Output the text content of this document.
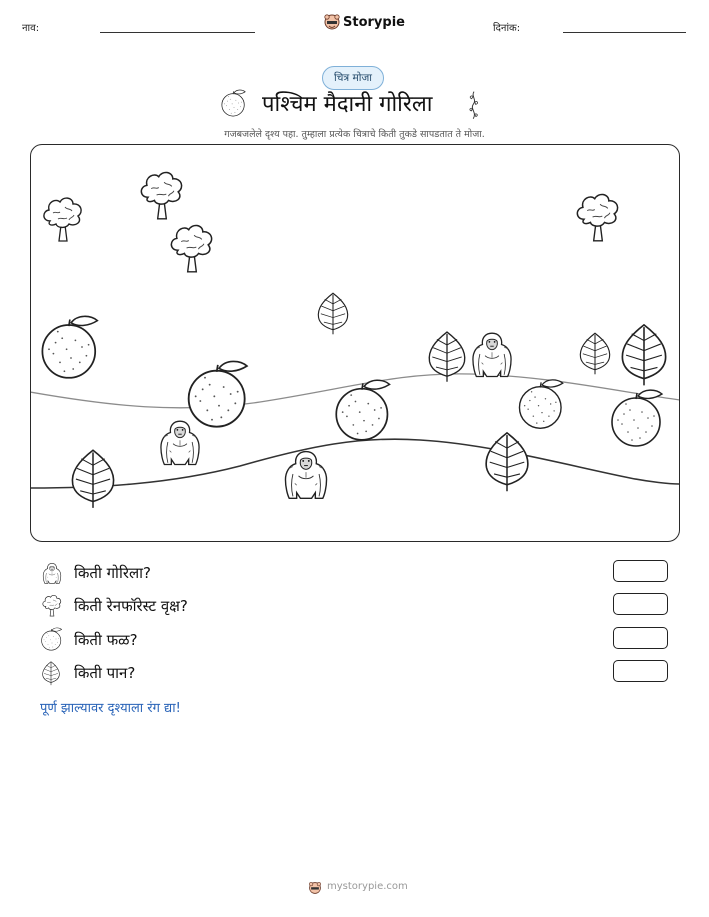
नाव:	Storypie	दिनांक:
चित्र मोजा
पश्चिम मैदानी गोरिला
गजबजलेले दृश्य पहा. तुम्हाला प्रत्येक चित्राचे किती तुकडे सापडतात ते मोजा.
किती गोरिला?
किती रेनफॉरेस्ट वृक्ष?
किती फळ?
किती पान?
पूर्ण झाल्यावर दृश्याला रंग द्या!
mystorypie.com
